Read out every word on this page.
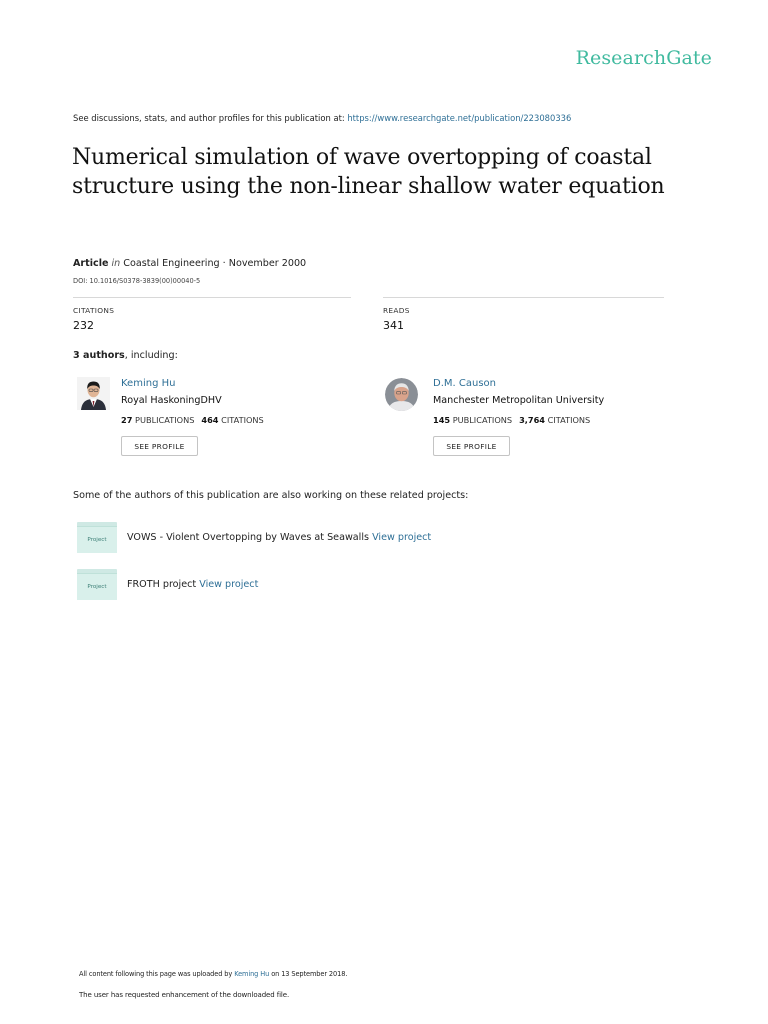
ResearchGate
See discussions, stats, and author profiles for this publication at: https://www.researchgate.net/publication/223080336
Numerical simulation of wave overtopping of coastal structure using the non-linear shallow water equation
Article in Coastal Engineering · November 2000
DOI: 10.1016/S0378-3839(00)00040-5
CITATIONS
232
READS
341
3 authors, including:
Keming Hu
Royal HaskoningDHV
27 PUBLICATIONS 464 CITATIONS
SEE PROFILE
D.M. Causon
Manchester Metropolitan University
145 PUBLICATIONS 3,764 CITATIONS
SEE PROFILE
Some of the authors of this publication are also working on these related projects:
Project	VOWS - Violent Overtopping by Waves at Seawalls View project
Project	FROTH project View project
All content following this page was uploaded by Keming Hu on 13 September 2018.
The user has requested enhancement of the downloaded file.
